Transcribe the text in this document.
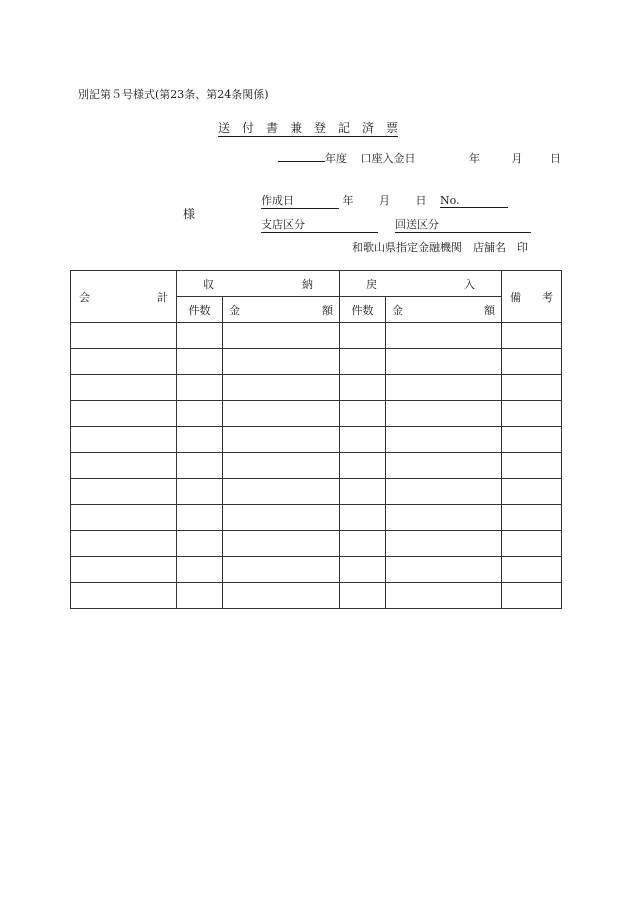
別記第５号様式(第23条、第24条関係)
送　付　書　兼　登　記　済　票
年度 口座入金日	年	月	日
様
作成日	年 月 日 No.
支店区分	回送区分
和歌山県指定金融機関　店舗名　印
会 計	収 納		戻 入		備 考

	件数	金 額	件数	金 額	
